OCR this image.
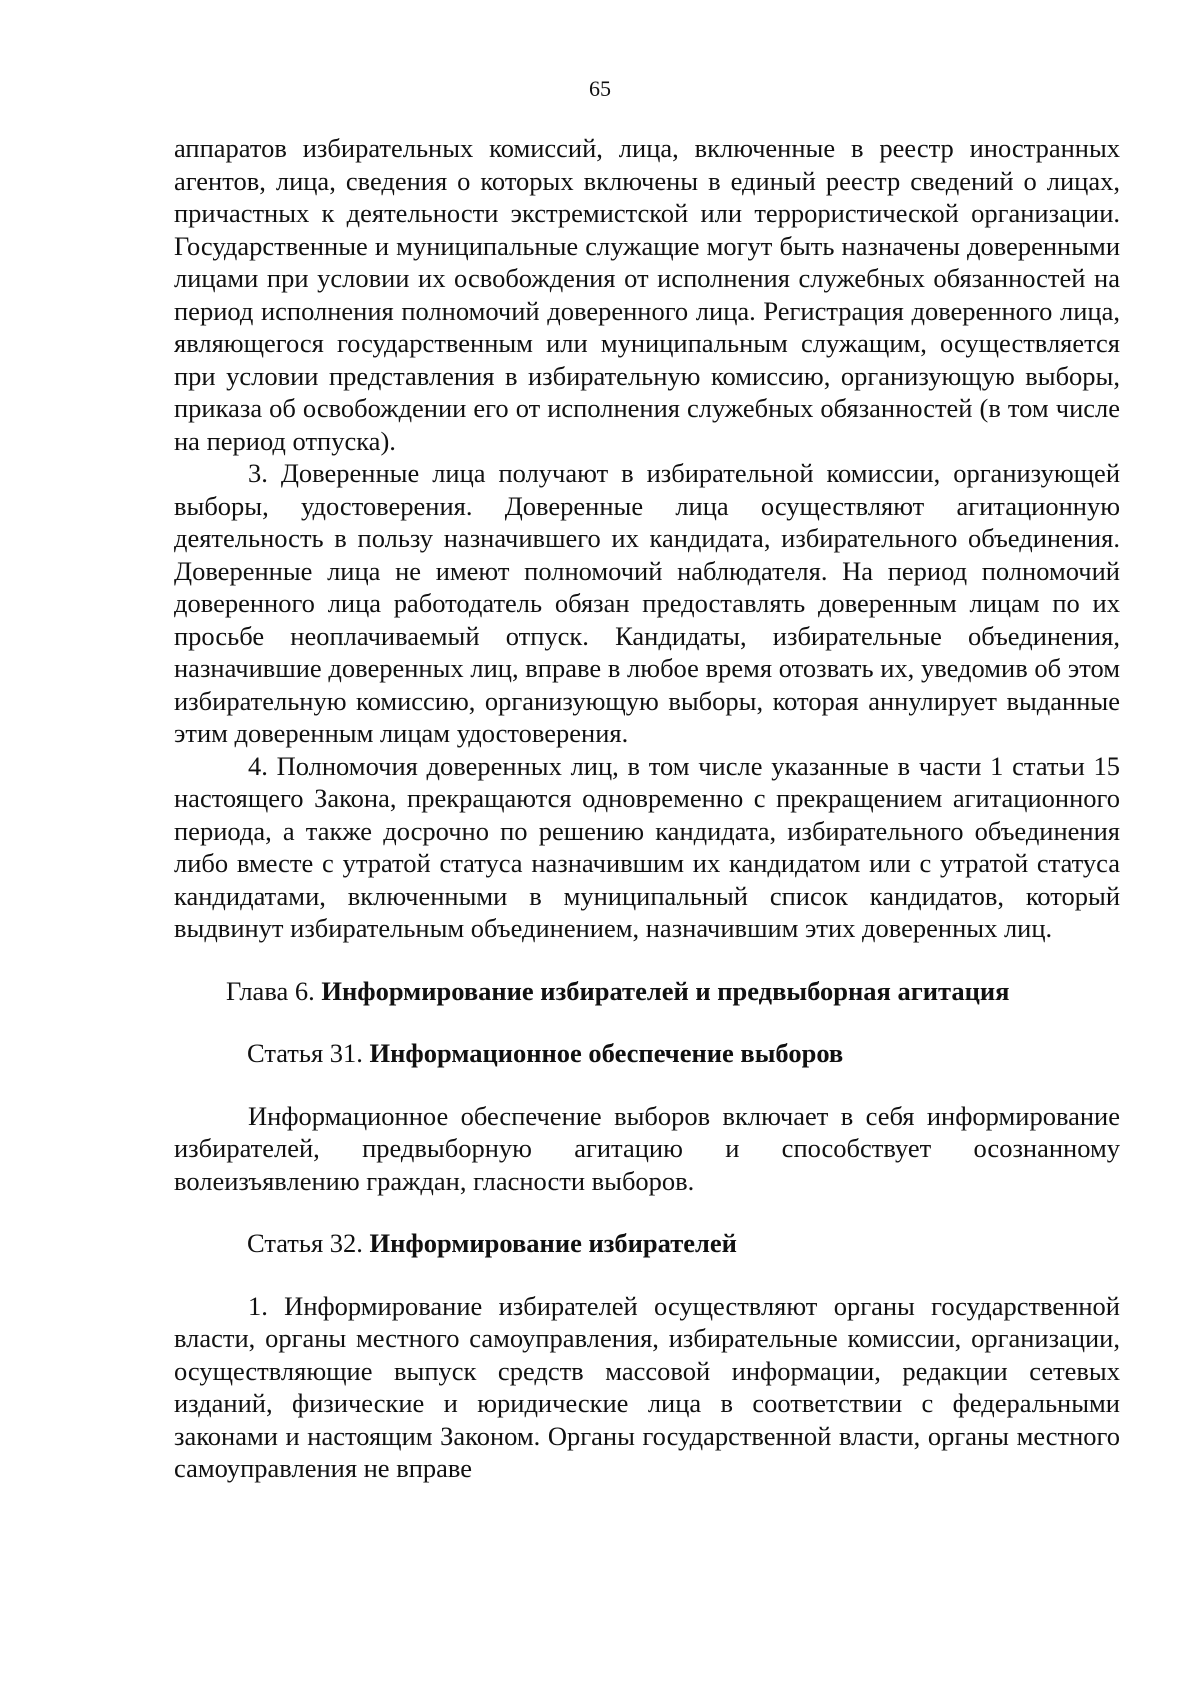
65

аппаратов избирательных комиссий, лица, включенные в реестр иностранных агентов, лица, сведения о которых включены в единый реестр сведений о лицах, причастных к деятельности экстремистской или террористической организации. Государственные и муниципальные служащие могут быть назначены доверенными лицами при условии их освобождения от исполнения служебных обязанностей на период исполнения полномочий доверенного лица. Регистрация доверенного лица, являющегося государственным или муниципальным служащим, осуществляется при условии представления в избирательную комиссию, организующую выборы, приказа об освобождении его от исполнения служебных обязанностей (в том числе на период отпуска).

3. Доверенные лица получают в избирательной комиссии, организующей выборы, удостоверения. Доверенные лица осуществляют агитационную деятельность в пользу назначившего их кандидата, избирательного объединения. Доверенные лица не имеют полномочий наблюдателя. На период полномочий доверенного лица работодатель обязан предоставлять доверенным лицам по их просьбе неоплачиваемый отпуск. Кандидаты, избирательные объединения, назначившие доверенных лиц, вправе в любое время отозвать их, уведомив об этом избирательную комиссию, организующую выборы, которая аннулирует выданные этим доверенным лицам удостоверения.

4. Полномочия доверенных лиц, в том числе указанные в части 1 статьи 15 настоящего Закона, прекращаются одновременно с прекращением агитационного периода, а также досрочно по решению кандидата, избирательного объединения либо вместе с утратой статуса назначившим их кандидатом или с утратой статуса кандидатами, включенными в муниципальный список кандидатов, который выдвинут избирательным объединением, назначившим этих доверенных лиц.

Глава 6. Информирование избирателей и предвыборная агитация

Статья 31. Информационное обеспечение выборов

Информационное обеспечение выборов включает в себя информирование избирателей, предвыборную агитацию и способствует осознанному волеизъявлению граждан, гласности выборов.

Статья 32. Информирование избирателей

1. Информирование избирателей осуществляют органы государственной власти, органы местного самоуправления, избирательные комиссии, организации, осуществляющие выпуск средств массовой информации, редакции сетевых изданий, физические и юридические лица в соответствии с федеральными законами и настоящим Законом. Органы государственной власти, органы местного самоуправления не вправе
